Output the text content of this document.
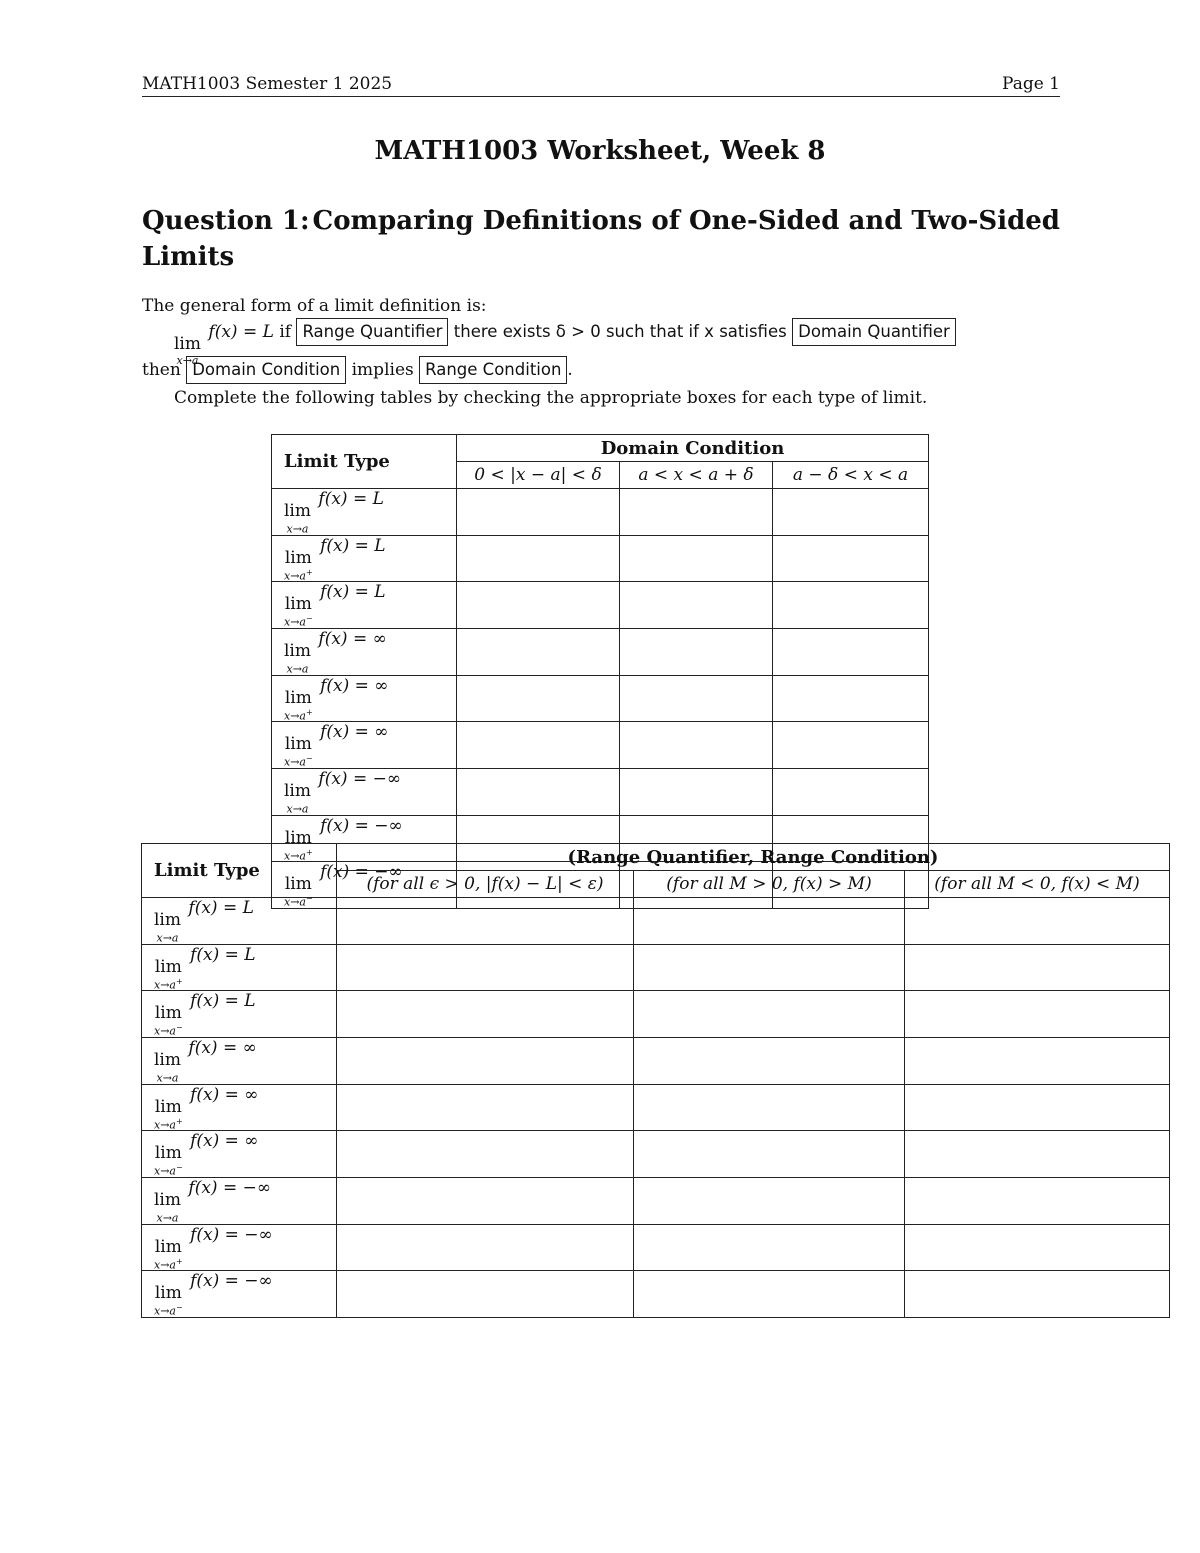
MATH1003 Semester 1 2025	Page 1
MATH1003 Worksheet, Week 8
Question 1: Comparing Definitions of One-Sided and Two-Sided
Limits
The general form of a limit definition is:
lim
x→a
f(x) = L if Range Quantifier there exists δ > 0 such that if x satisfies Domain Quantifier
then Domain Condition implies Range Condition .
Complete the following tables by checking the appropriate boxes for each type of limit.
Limit Type	Domain Condition		
	0 < |x − a| < δ	a < x < a + δ	a − δ < x < a

lim
x→a
f(x) = L			

lim
x→a+
f(x) = L			

lim
x→a−
f(x) = L			

lim
x→a
f(x) = ∞			

lim
x→a+
f(x) = ∞			

lim
x→a−
f(x) = ∞			

lim
x→a
f(x) = −∞			

lim
x→a+
f(x) = −∞			

lim
x→a−
f(x) = −∞			
Limit Type	(Range Quantifier, Range Condition)		
	(for all ϵ > 0, |f(x) − L| < ε)	(for all M > 0, f(x) > M)	(for all M < 0, f(x) < M)

lim
x→a
f(x) = L			

lim
x→a+
f(x) = L			

lim
x→a−
f(x) = L			

lim
x→a
f(x) = ∞			

lim
x→a+
f(x) = ∞			

lim
x→a−
f(x) = ∞			

lim
x→a
f(x) = −∞			

lim
x→a+
f(x) = −∞			

lim
x→a−
f(x) = −∞			
